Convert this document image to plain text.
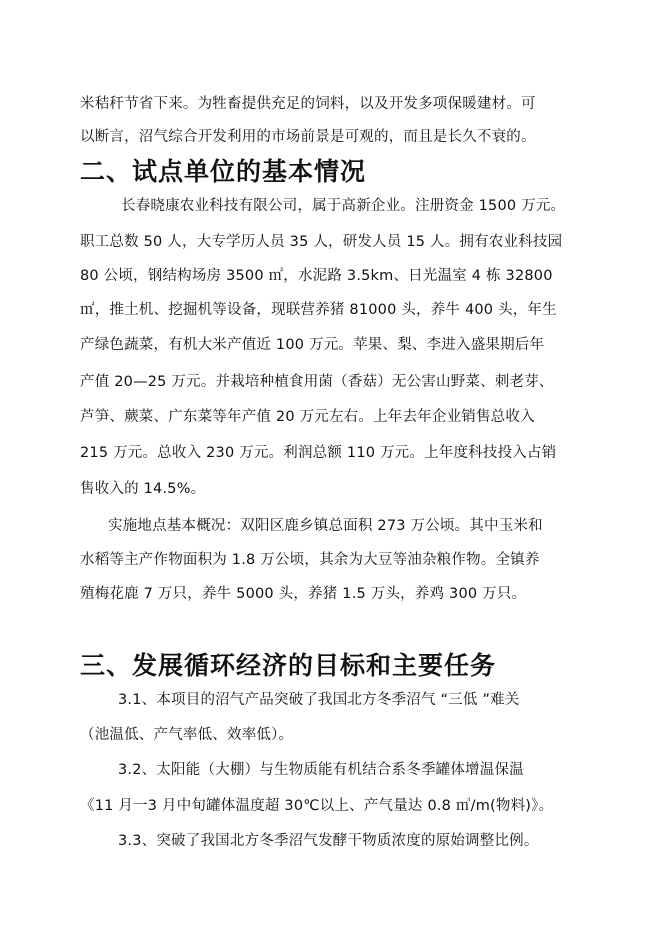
米秸秆节省下来。为牲畜提供充足的饲料，以及开发多项保暖建材。可
以断言，沼气综合开发利用的市场前景是可观的，而且是长久不衰的。
二、试点单位的基本情况
长春晓康农业科技有限公司，属于高新企业。注册资金 1500 万元。
职工总数 50 人，大专学历人员 35 人，研发人员 15 人。拥有农业科技园
80 公顷，钢结构场房 3500 ㎡，水泥路 3.5km、日光温室 4 栋 32800
㎡，推土机、挖掘机等设备，现联营养猪 81000 头，养牛 400 头，年生
产绿色蔬菜，有机大米产值近 100 万元。苹果、梨、李进入盛果期后年
产值 20—25 万元。并栽培种植食用菌（香菇）无公害山野菜、刺老芽、
芦笋、蕨菜、广东菜等年产值 20 万元左右。上年去年企业销售总收入
215 万元。总收入 230 万元。利润总额 110 万元。上年度科技投入占销
售收入的 14.5%。
实施地点基本概况：双阳区鹿乡镇总面积 273 万公顷。其中玉米和
水稻等主产作物面积为 1.8 万公顷，其余为大豆等油杂粮作物。全镇养
殖梅花鹿 7 万只，养牛 5000 头，养猪 1.5 万头，养鸡 300 万只。
三、发展循环经济的目标和主要任务
3.1、本项目的沼气产品突破了我国北方冬季沼气 “三低 ”难关
（池温低、产气率低、效率低）。
3.2、太阳能（大棚）与生物质能有机结合系冬季罐体增温保温
《11 月一3 月中旬罐体温度超 30℃以上、产气量达 0.8 ㎥/m(物料)》。
3.3、突破了我国北方冬季沼气发酵干物质浓度的原始调整比例。
